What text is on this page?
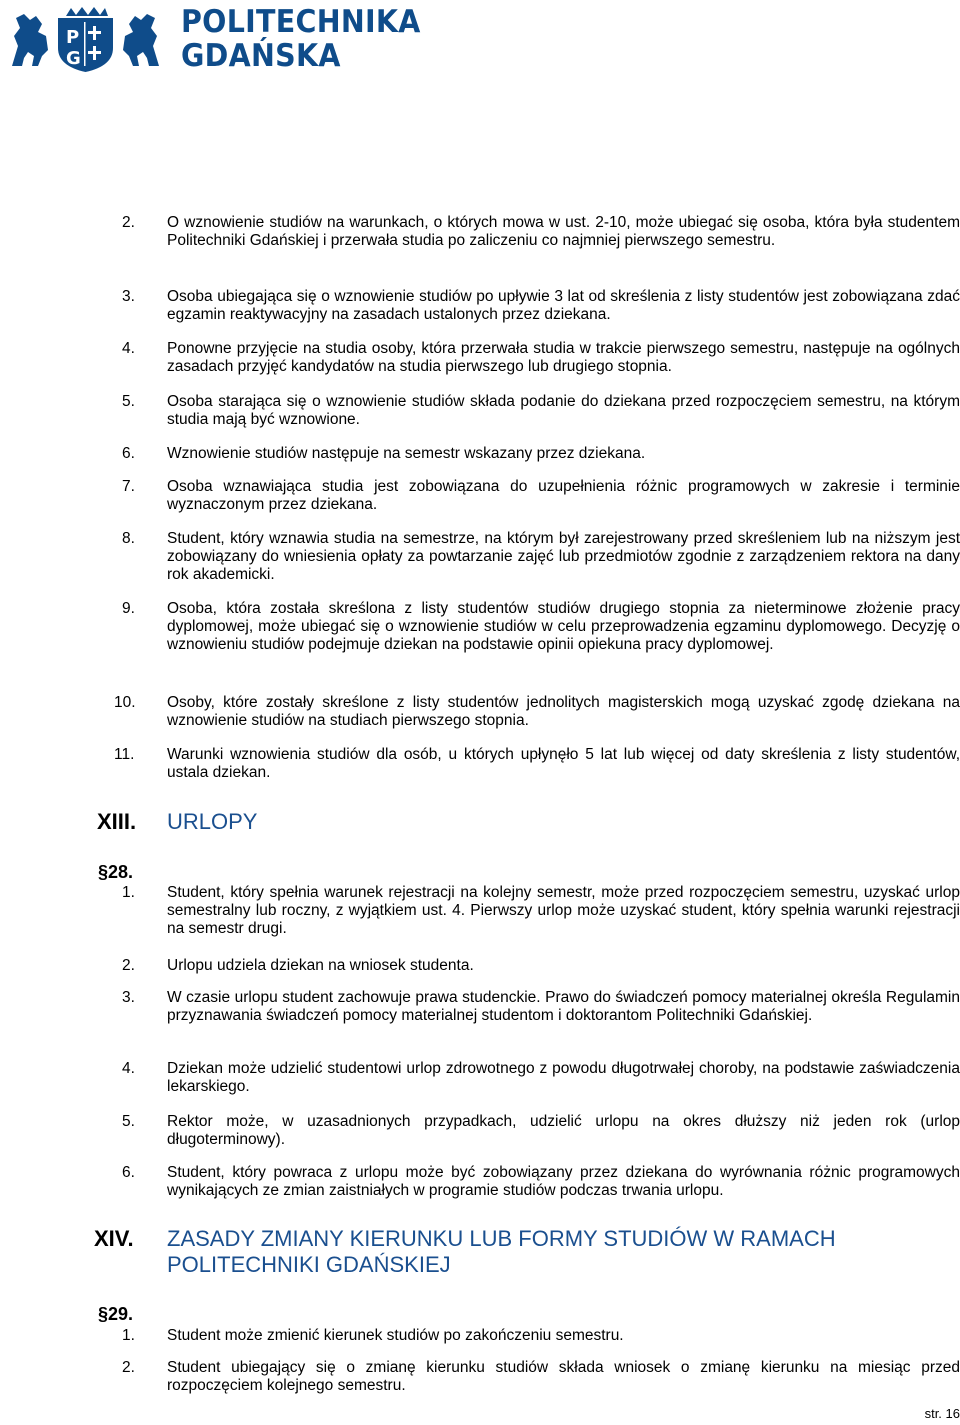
P
G
POLITECHNIKA
GDAŃSKA
2. O wznowienie studiów na warunkach, o których mowa w ust. 2-10, może ubiegać się osoba, która była studentem Politechniki Gdańskiej i przerwała studia po zaliczeniu co najmniej pierwszego semestru.
3. Osoba ubiegająca się o wznowienie studiów po upływie 3 lat od skreślenia z listy studentów jest zobowiązana zdać egzamin reaktywacyjny na zasadach ustalonych przez dziekana.
4. Ponowne przyjęcie na studia osoby, która przerwała studia w trakcie pierwszego semestru, następuje na ogólnych zasadach przyjęć kandydatów na studia pierwszego lub drugiego stopnia.
5. Osoba starająca się o wznowienie studiów składa podanie do dziekana przed rozpoczęciem semestru, na którym studia mają być wznowione.
6. Wznowienie studiów następuje na semestr wskazany przez dziekana.
7. Osoba wznawiająca studia jest zobowiązana do uzupełnienia różnic programowych w zakresie i terminie wyznaczonym przez dziekana.
8. Student, który wznawia studia na semestrze, na którym był zarejestrowany przed skreśleniem lub na niższym jest zobowiązany do wniesienia opłaty za powtarzanie zajęć lub przedmiotów zgodnie z zarządzeniem rektora na dany rok akademicki.
9. Osoba, która została skreślona z listy studentów studiów drugiego stopnia za nieterminowe złożenie pracy dyplomowej, może ubiegać się o wznowienie studiów w celu przeprowadzenia egzaminu dyplomowego. Decyzję o wznowieniu studiów podejmuje dziekan na podstawie opinii opiekuna pracy dyplomowej.
10. Osoby, które zostały skreślone z listy studentów jednolitych magisterskich mogą uzyskać zgodę dziekana na wznowienie studiów na studiach pierwszego stopnia.
11. Warunki wznowienia studiów dla osób, u których upłynęło 5 lat lub więcej od daty skreślenia z listy studentów, ustala dziekan.
XIII. URLOPY
§28.
1. Student, który spełnia warunek rejestracji na kolejny semestr, może przed rozpoczęciem semestru, uzyskać urlop semestralny lub roczny, z wyjątkiem ust. 4. Pierwszy urlop może uzyskać student, który spełnia warunki rejestracji na semestr drugi.
2. Urlopu udziela dziekan na wniosek studenta.
3. W czasie urlopu student zachowuje prawa studenckie. Prawo do świadczeń pomocy materialnej określa Regulamin przyznawania świadczeń pomocy materialnej studentom i doktorantom Politechniki Gdańskiej.
4. Dziekan może udzielić studentowi urlop zdrowotnego z powodu długotrwałej choroby, na podstawie zaświadczenia lekarskiego.
5. Rektor może, w uzasadnionych przypadkach, udzielić urlopu na okres dłuższy niż jeden rok (urlop długoterminowy).
6. Student, który powraca z urlopu może być zobowiązany przez dziekana do wyrównania różnic programowych wynikających ze zmian zaistniałych w programie studiów podczas trwania urlopu.
XIV. ZASADY ZMIANY KIERUNKU LUB FORMY STUDIÓW W RAMACH POLITECHNIKI GDAŃSKIEJ
§29.
1. Student może zmienić kierunek studiów po zakończeniu semestru.
2. Student ubiegający się o zmianę kierunku studiów składa wniosek o zmianę kierunku na miesiąc przed rozpoczęciem kolejnego semestru.
str. 16
